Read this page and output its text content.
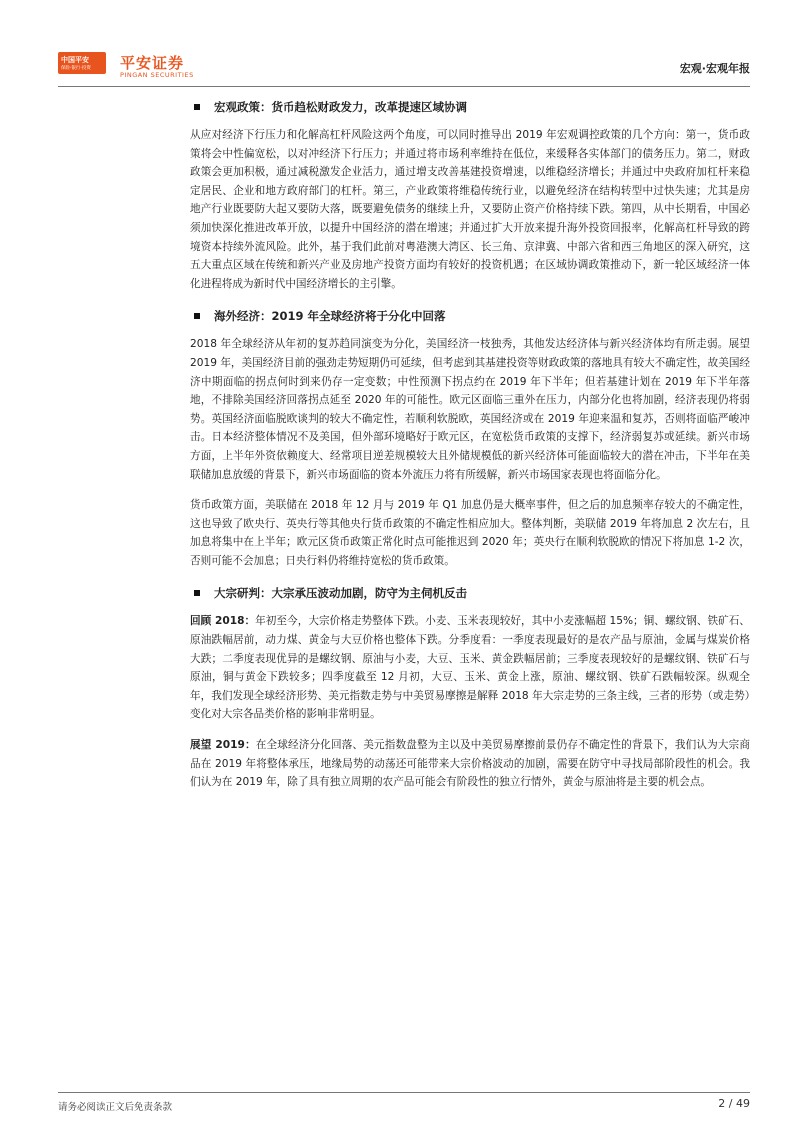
中国平安
保险·银行·投资 平安证券
PINGAN SECURITIES	宏观·宏观年报
宏观政策：货币趋松财政发力，改革提速区域协调

从应对经济下行压力和化解高杠杆风险这两个角度，可以同时推导出 2019 年宏观调控政策的几个方向：第一，货币政策将会中性偏宽松，以对冲经济下行压力；并通过将市场利率维持在低位，来缓释各实体部门的债务压力。第二，财政政策会更加积极，通过减税激发企业活力，通过增支改善基建投资增速，以维稳经济增长；并通过中央政府加杠杆来稳定居民、企业和地方政府部门的杠杆。第三，产业政策将维稳传统行业，以避免经济在结构转型中过快失速；尤其是房地产行业既要防大起又要防大落，既要避免债务的继续上升，又要防止资产价格持续下跌。第四，从中长期看，中国必须加快深化推进改革开放，以提升中国经济的潜在增速；并通过扩大开放来提升海外投资回报率，化解高杠杆导致的跨境资本持续外流风险。此外，基于我们此前对粤港澳大湾区、长三角、京津冀、中部六省和西三角地区的深入研究，这五大重点区域在传统和新兴产业及房地产投资方面均有较好的投资机遇；在区域协调政策推动下，新一轮区域经济一体化进程将成为新时代中国经济增长的主引擎。

海外经济：2019 年全球经济将于分化中回落

2018 年全球经济从年初的复苏趋同演变为分化，美国经济一枝独秀，其他发达经济体与新兴经济体均有所走弱。展望 2019 年，美国经济目前的强劲走势短期仍可延续，但考虑到其基建投资等财政政策的落地具有较大不确定性，故美国经济中期面临的拐点何时到来仍存一定变数；中性预测下拐点约在 2019 年下半年；但若基建计划在 2019 年下半年落地，不排除美国经济回落拐点延至 2020 年的可能性。欧元区面临三重外在压力，内部分化也将加剧，经济表现仍将弱势。英国经济面临脱欧谈判的较大不确定性，若顺利软脱欧，英国经济或在 2019 年迎来温和复苏，否则将面临严峻冲击。日本经济整体情况不及美国，但外部环境略好于欧元区，在宽松货币政策的支撑下，经济弱复苏或延续。新兴市场方面，上半年外资依赖度大、经常项目逆差规模较大且外储规模低的新兴经济体可能面临较大的潜在冲击，下半年在美联储加息放缓的背景下，新兴市场面临的资本外流压力将有所缓解，新兴市场国家表现也将面临分化。

货币政策方面，美联储在 2018 年 12 月与 2019 年 Q1 加息仍是大概率事件，但之后的加息频率存较大的不确定性，这也导致了欧央行、英央行等其他央行货币政策的不确定性相应加大。整体判断，美联储 2019 年将加息 2 次左右，且加息将集中在上半年；欧元区货币政策正常化时点可能推迟到 2020 年；英央行在顺利软脱欧的情况下将加息 1-2 次，否则可能不会加息；日央行料仍将维持宽松的货币政策。

大宗研判：大宗承压波动加剧，防守为主伺机反击

回顾 2018：年初至今，大宗价格走势整体下跌。小麦、玉米表现较好，其中小麦涨幅超 15%；铜、螺纹钢、铁矿石、原油跌幅居前，动力煤、黄金与大豆价格也整体下跌。分季度看：一季度表现最好的是农产品与原油，金属与煤炭价格大跌；二季度表现优异的是螺纹钢、原油与小麦，大豆、玉米、黄金跌幅居前；三季度表现较好的是螺纹钢、铁矿石与原油，铜与黄金下跌较多；四季度截至 12 月初，大豆、玉米、黄金上涨，原油、螺纹钢、铁矿石跌幅较深。纵观全年，我们发现全球经济形势、美元指数走势与中美贸易摩擦是解释 2018 年大宗走势的三条主线，三者的形势（或走势）变化对大宗各品类价格的影响非常明显。

展望 2019：在全球经济分化回落、美元指数盘整为主以及中美贸易摩擦前景仍存不确定性的背景下，我们认为大宗商品在 2019 年将整体承压，地缘局势的动荡还可能带来大宗价格波动的加剧，需要在防守中寻找局部阶段性的机会。我们认为在 2019 年，除了具有独立周期的农产品可能会有阶段性的独立行情外，黄金与原油将是主要的机会点。

请务必阅读正文后免责条款	2 / 49
